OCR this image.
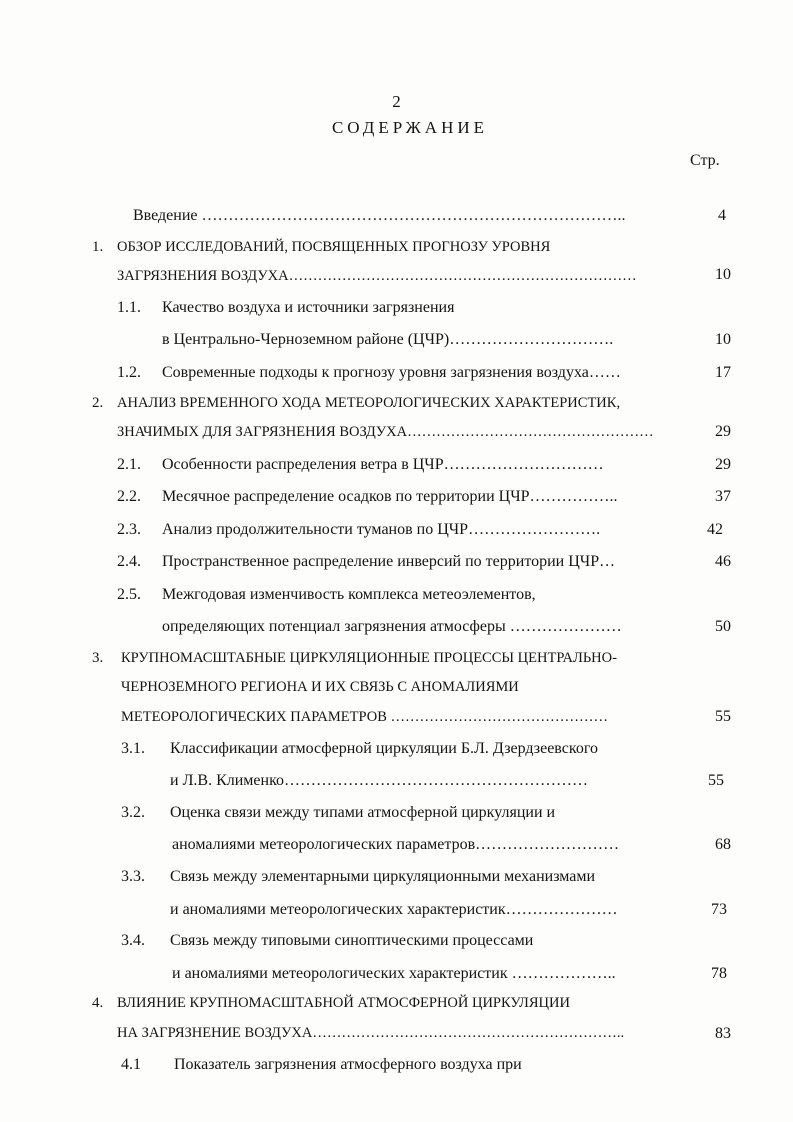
2
СОДЕРЖАНИЕ
Стр.
Введение ……………………………………………………………………..	4
1. ОБЗОР ИССЛЕДОВАНИЙ, ПОСВЯЩЕННЫХ ПРОГНОЗУ УРОВНЯ
ЗАГРЯЗНЕНИЯ ВОЗДУХА………………………………………………………………	10
1.1. Качество воздуха и источники загрязнения
в Центрально-Черноземном районе (ЦЧР)………………………….	10
1.2. Современные подходы к прогнозу уровня загрязнения воздуха……	17
2. АНАЛИЗ ВРЕМЕННОГО ХОДА МЕТЕОРОЛОГИЧЕСКИХ ХАРАКТЕРИСТИК,
ЗНАЧИМЫХ ДЛЯ ЗАГРЯЗНЕНИЯ ВОЗДУХА……………………………………………	29
2.1. Особенности распределения ветра в ЦЧР…………………………	29
2.2. Месячное распределение осадков по территории ЦЧР……………..	37
2.3. Анализ продолжительности туманов по ЦЧР…………………….	42
2.4. Пространственное распределение инверсий по территории ЦЧР…	46
2.5. Межгодовая изменчивость комплекса метеоэлементов,
определяющих потенциал загрязнения атмосферы …………………	50
3. КРУПНОМАСШТАБНЫЕ ЦИРКУЛЯЦИОННЫЕ ПРОЦЕССЫ ЦЕНТРАЛЬНО-
ЧЕРНОЗЕМНОГО РЕГИОНА И ИХ СВЯЗЬ С АНОМАЛИЯМИ
МЕТЕОРОЛОГИЧЕСКИХ ПАРАМЕТРОВ ………………………………………	55
3.1. Классификации атмосферной циркуляции Б.Л. Дзердзеевского
и Л.В. Клименко…………………………………………………	55
3.2. Оценка связи между типами атмосферной циркуляции и
аномалиями метеорологических параметров………………………	68
3.3. Связь между элементарными циркуляционными механизмами
и аномалиями метеорологических характеристик…………………	73
3.4. Связь между типовыми синоптическими процессами
и аномалиями метеорологических характеристик ………………..	78
4. ВЛИЯНИЕ КРУПНОМАСШТАБНОЙ АТМОСФЕРНОЙ ЦИРКУЛЯЦИИ
НА ЗАГРЯЗНЕНИЕ ВОЗДУХА………………………………………………………..	83
4.1 Показатель загрязнения атмосферного воздуха при
